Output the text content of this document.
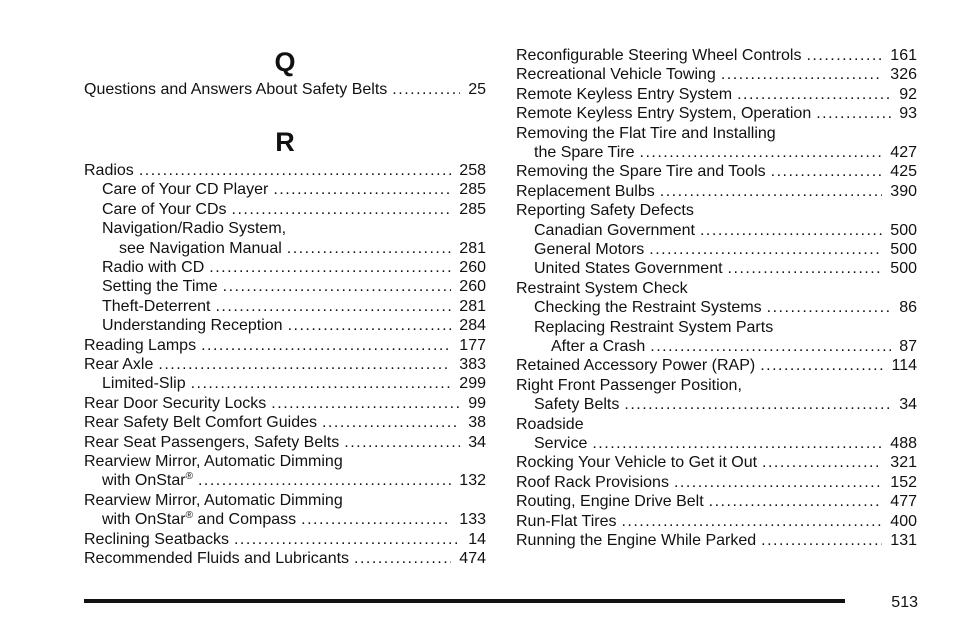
Q
Questions and Answers About Safety Belts .....	25
R
Radios .....	258
Care of Your CD Player .....	285
Care of Your CDs .....	285
Navigation/Radio System,
see Navigation Manual .....	281
Radio with CD .....	260
Setting the Time .....	260
Theft-Deterrent .....	281
Understanding Reception .....	284
Reading Lamps .....	177
Rear Axle .....	383
Limited-Slip .....	299
Rear Door Security Locks .....	99
Rear Safety Belt Comfort Guides .....	38
Rear Seat Passengers, Safety Belts .....	34
Rearview Mirror, Automatic Dimming
with OnStar® .....	132
Rearview Mirror, Automatic Dimming
with OnStar® and Compass .....	133
Reclining Seatbacks .....	14
Recommended Fluids and Lubricants .....	474
Reconfigurable Steering Wheel Controls .....	161
Recreational Vehicle Towing .....	326
Remote Keyless Entry System .....	92
Remote Keyless Entry System, Operation .....	93
Removing the Flat Tire and Installing
the Spare Tire .....	427
Removing the Spare Tire and Tools .....	425
Replacement Bulbs .....	390
Reporting Safety Defects
Canadian Government .....	500
General Motors .....	500
United States Government .....	500
Restraint System Check
Checking the Restraint Systems .....	86
Replacing Restraint System Parts
After a Crash .....	87
Retained Accessory Power (RAP) .....	114
Right Front Passenger Position,
Safety Belts .....	34
Roadside
Service .....	488
Rocking Your Vehicle to Get it Out .....	321
Roof Rack Provisions .....	152
Routing, Engine Drive Belt .....	477
Run-Flat Tires .....	400
Running the Engine While Parked .....	131
513
